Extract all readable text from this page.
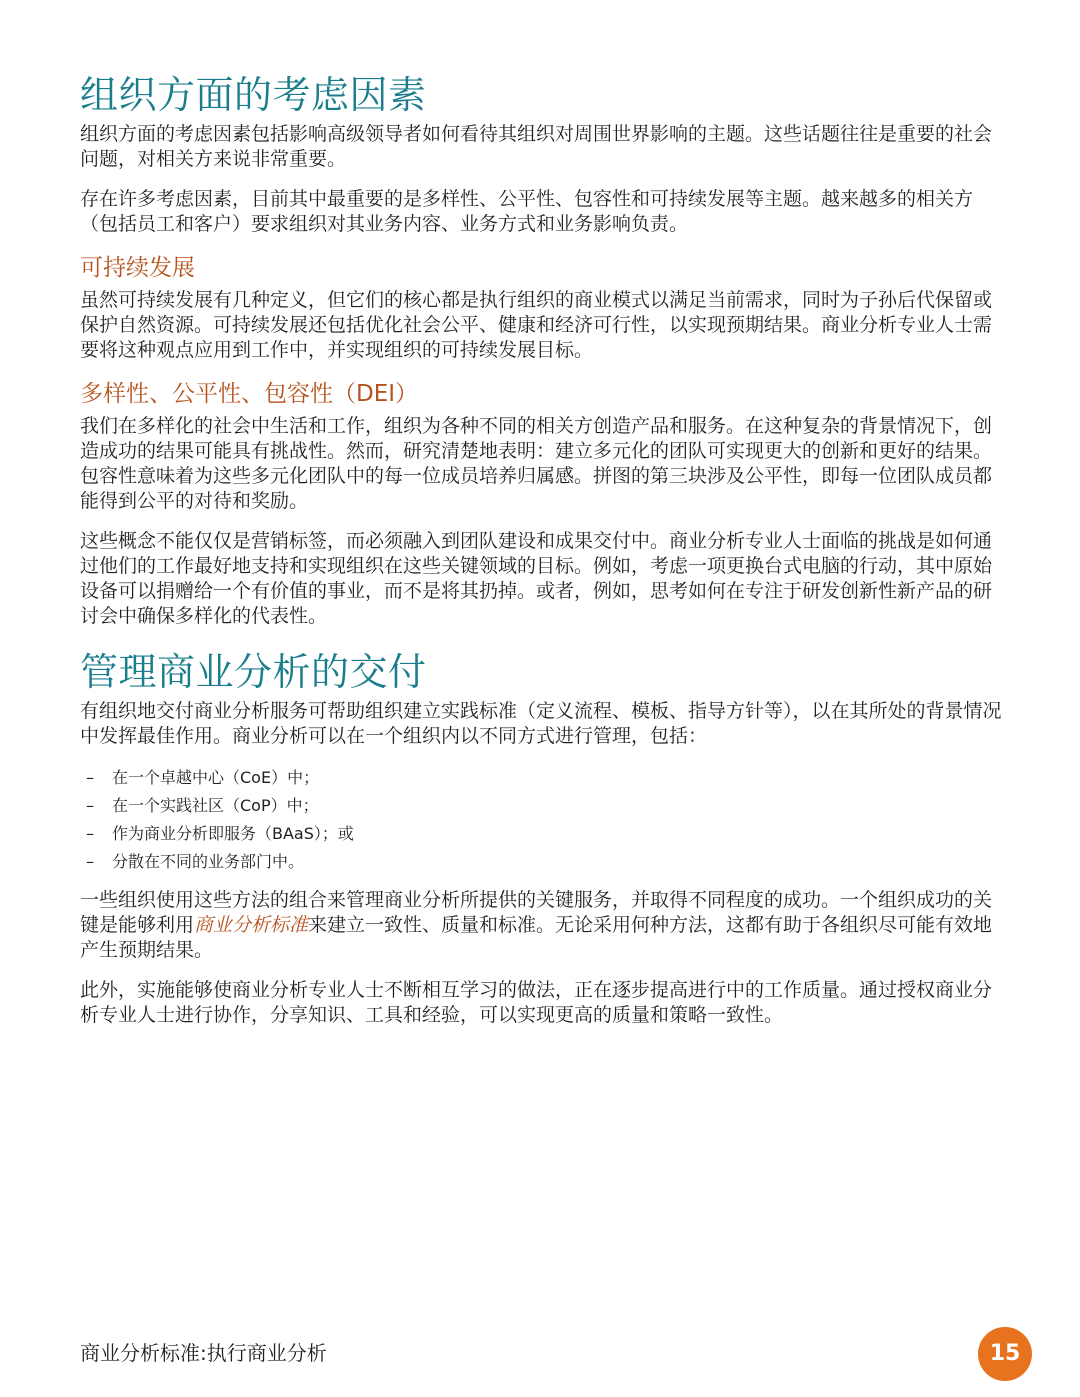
组织方面的考虑因素

组织方面的考虑因素包括影响高级领导者如何看待其组织对周围世界影响的主题。这些话题往往是重要的社会问题，对相关方来说非常重要。

存在许多考虑因素，目前其中最重要的是多样性、公平性、包容性和可持续发展等主题。越来越多的相关方（包括员工和客户）要求组织对其业务内容、业务方式和业务影响负责。

可持续发展

虽然可持续发展有几种定义，但它们的核心都是执行组织的商业模式以满足当前需求，同时为子孙后代保留或保护自然资源。可持续发展还包括优化社会公平、健康和经济可行性，以实现预期结果。商业分析专业人士需要将这种观点应用到工作中，并实现组织的可持续发展目标。

多样性、公平性、包容性（DEI）

我们在多样化的社会中生活和工作，组织为各种不同的相关方创造产品和服务。在这种复杂的背景情况下，创造成功的结果可能具有挑战性。然而，研究清楚地表明：建立多元化的团队可实现更大的创新和更好的结果。包容性意味着为这些多元化团队中的每一位成员培养归属感。拼图的第三块涉及公平性，即每一位团队成员都能得到公平的对待和奖励。

这些概念不能仅仅是营销标签，而必须融入到团队建设和成果交付中。商业分析专业人士面临的挑战是如何通过他们的工作最好地支持和实现组织在这些关键领域的目标。例如，考虑一项更换台式电脑的行动，其中原始设备可以捐赠给一个有价值的事业，而不是将其扔掉。或者，例如，思考如何在专注于研发创新性新产品的研讨会中确保多样化的代表性。

管理商业分析的交付

有组织地交付商业分析服务可帮助组织建立实践标准（定义流程、模板、指导方针等），以在其所处的背景情况中发挥最佳作用。商业分析可以在一个组织内以不同方式进行管理，包括：

–	在一个卓越中心（CoE）中；
–	在一个实践社区（CoP）中；
–	作为商业分析即服务（BAaS）；或
–	分散在不同的业务部门中。

一些组织使用这些方法的组合来管理商业分析所提供的关键服务，并取得不同程度的成功。一个组织成功的关键是能够利用商业分析标准来建立一致性、质量和标准。无论采用何种方法，这都有助于各组织尽可能有效地产生预期结果。

此外，实施能够使商业分析专业人士不断相互学习的做法，正在逐步提高进行中的工作质量。通过授权商业分析专业人士进行协作，分享知识、工具和经验，可以实现更高的质量和策略一致性。

商业分析标准:执行商业分析	15
